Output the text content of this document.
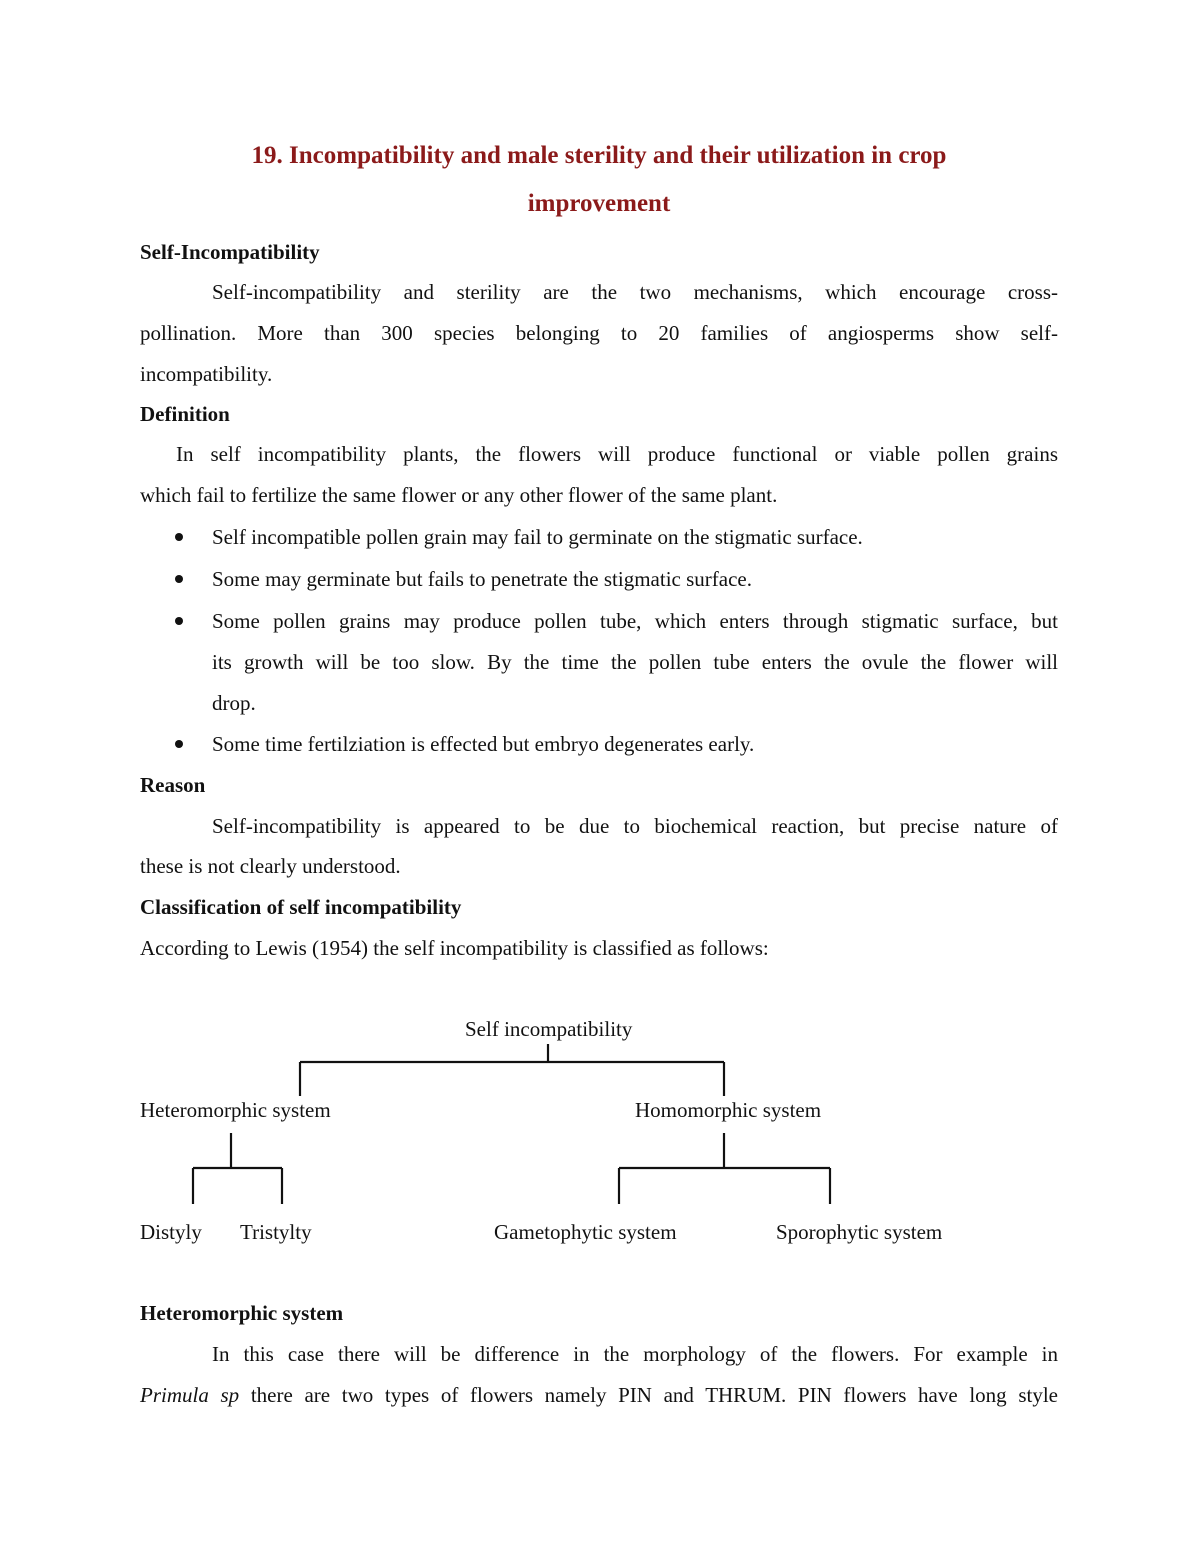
19. Incompatibility and male sterility and their utilization in crop
improvement
Self-Incompatibility
Self-incompatibility and sterility are the two mechanisms, which encourage cross-
pollination. More than 300 species belonging to 20 families of angiosperms show self-
incompatibility.
Definition
In self incompatibility plants, the flowers will produce functional or viable pollen grains
which fail to fertilize the same flower or any other flower of the same plant.
Self incompatible pollen grain may fail to germinate on the stigmatic surface.
Some may germinate but fails to penetrate the stigmatic surface.
Some pollen grains may produce pollen tube, which enters through stigmatic surface, but
its growth will be too slow. By the time the pollen tube enters the ovule the flower will
drop.
Some time fertilziation is effected but embryo degenerates early.
Reason
Self-incompatibility is appeared to be due to biochemical reaction, but precise nature of
these is not clearly understood.
Classification of self incompatibility
According to Lewis (1954) the self incompatibility is classified as follows:
Self incompatibility
Heteromorphic system	Homomorphic system
Distyly Tristylty	Gametophytic system	Sporophytic system
Heteromorphic system
In this case there will be difference in the morphology of the flowers. For example in
Primula sp there are two types of flowers namely PIN and THRUM. PIN flowers have long style
